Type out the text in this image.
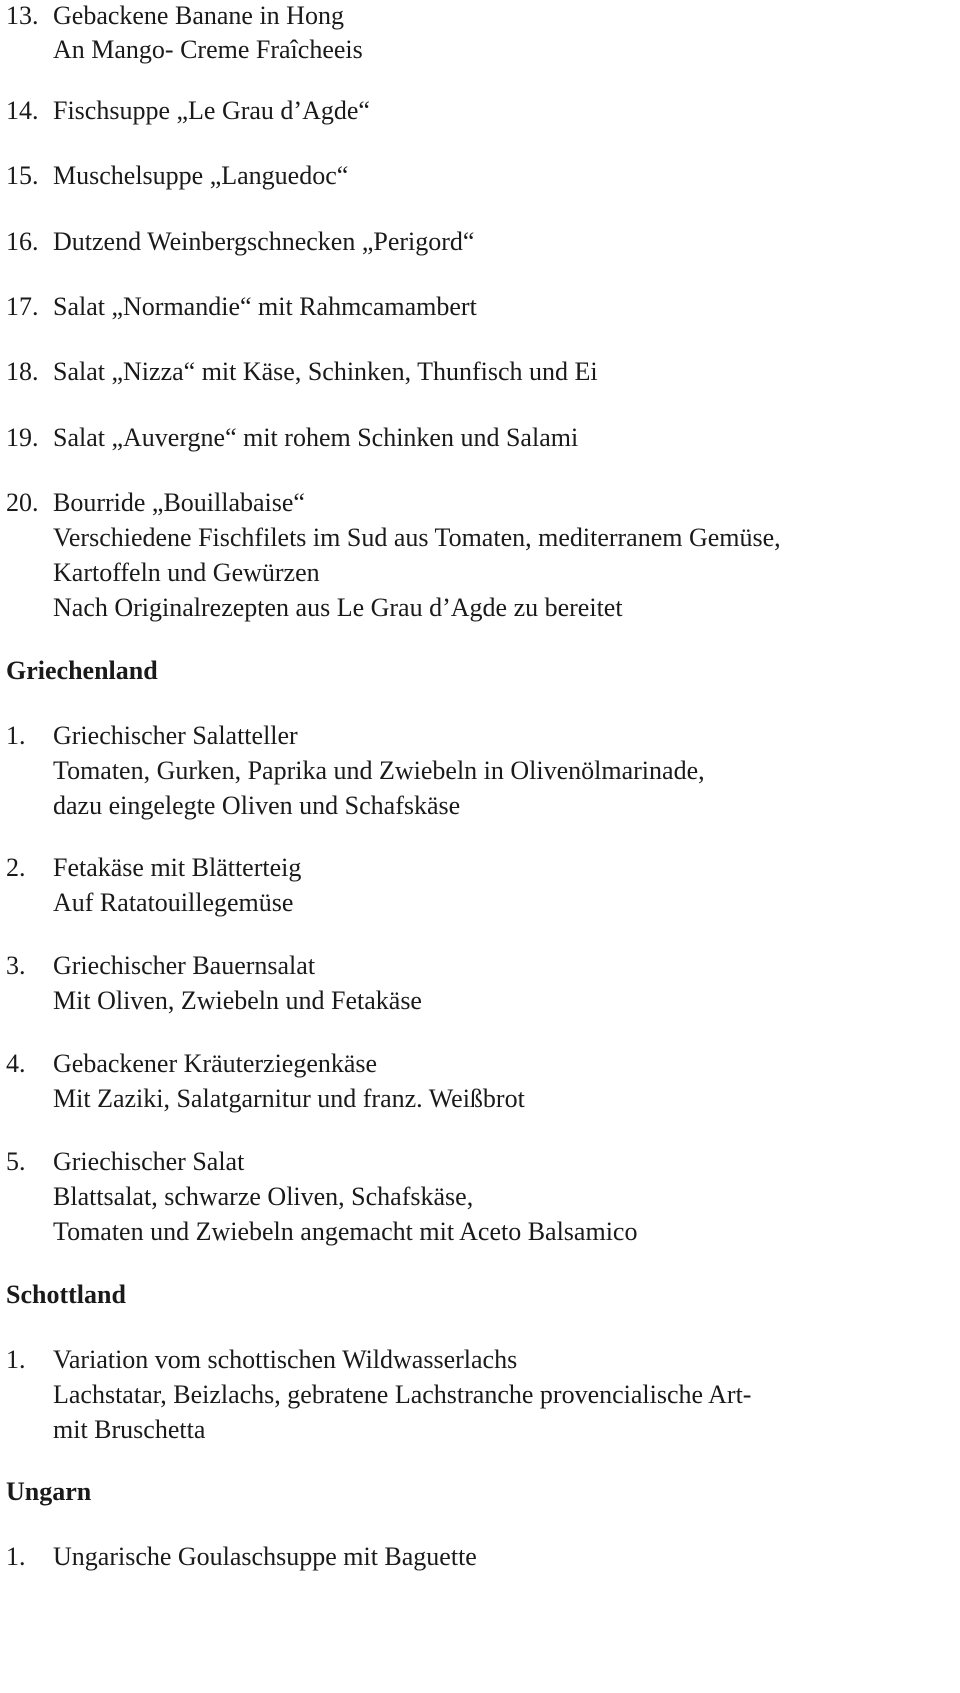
13. Gebackene Banane in Hong
An Mango- Creme Fraîcheeis
14. Fischsuppe „Le Grau d’Agde“
15. Muschelsuppe „Languedoc“
16. Dutzend Weinbergschnecken „Perigord“
17. Salat „Normandie“ mit Rahmcamambert
18. Salat „Nizza“ mit Käse, Schinken, Thunfisch und Ei
19. Salat „Auvergne“ mit rohem Schinken und Salami
20. Bourride „Bouillabaise“
Verschiedene Fischfilets im Sud aus Tomaten, mediterranem Gemüse,
Kartoffeln und Gewürzen
Nach Originalrezepten aus Le Grau d’Agde zu bereitet
Griechenland
1. Griechischer Salatteller
Tomaten, Gurken, Paprika und Zwiebeln in Olivenölmarinade,
dazu eingelegte Oliven und Schafskäse
2. Fetakäse mit Blätterteig
Auf Ratatouillegemüse
3. Griechischer Bauernsalat
Mit Oliven, Zwiebeln und Fetakäse
4. Gebackener Kräuterziegenkäse
Mit Zaziki, Salatgarnitur und franz. Weißbrot
5. Griechischer Salat
Blattsalat, schwarze Oliven, Schafskäse,
Tomaten und Zwiebeln angemacht mit Aceto Balsamico
Schottland
1. Variation vom schottischen Wildwasserlachs
Lachstatar, Beizlachs, gebratene Lachstranche provencialische Art-
mit Bruschetta
Ungarn
1. Ungarische Goulaschsuppe mit Baguette
